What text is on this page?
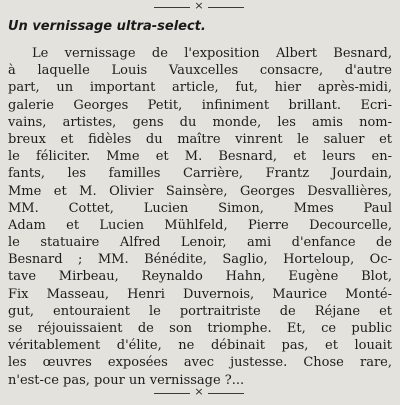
×
Un vernissage ultra-select.
Le vernissage de l'exposition Albert Besnard,
à laquelle Louis Vauxcelles consacre, d'autre
part, un important article, fut, hier après-midi,
galerie Georges Petit, infiniment brillant. Ecri-
vains, artistes, gens du monde, les amis nom-
breux et fidèles du maître vinrent le saluer et
le féliciter. Mme et M. Besnard, et leurs en-
fants, les familles Carrière, Frantz Jourdain,
Mme et M. Olivier Sainsère, Georges Desvallières,
MM. Cottet, Lucien Simon, Mmes Paul
Adam et Lucien Mühlfeld, Pierre Decourcelle,
le statuaire Alfred Lenoir, ami d'enfance de
Besnard ; MM. Bénédite, Saglio, Horteloup, Oc-
tave Mirbeau, Reynaldo Hahn, Eugène Blot,
Fix Masseau, Henri Duvernois, Maurice Monté-
gut, entouraient le portraitriste de Réjane et
se réjouissaient de son triomphe. Et, ce public
véritablement d'élite, ne débinait pas, et louait
les œuvres exposées avec justesse. Chose rare,
n'est-ce pas, pour un vernissage ?...
×
